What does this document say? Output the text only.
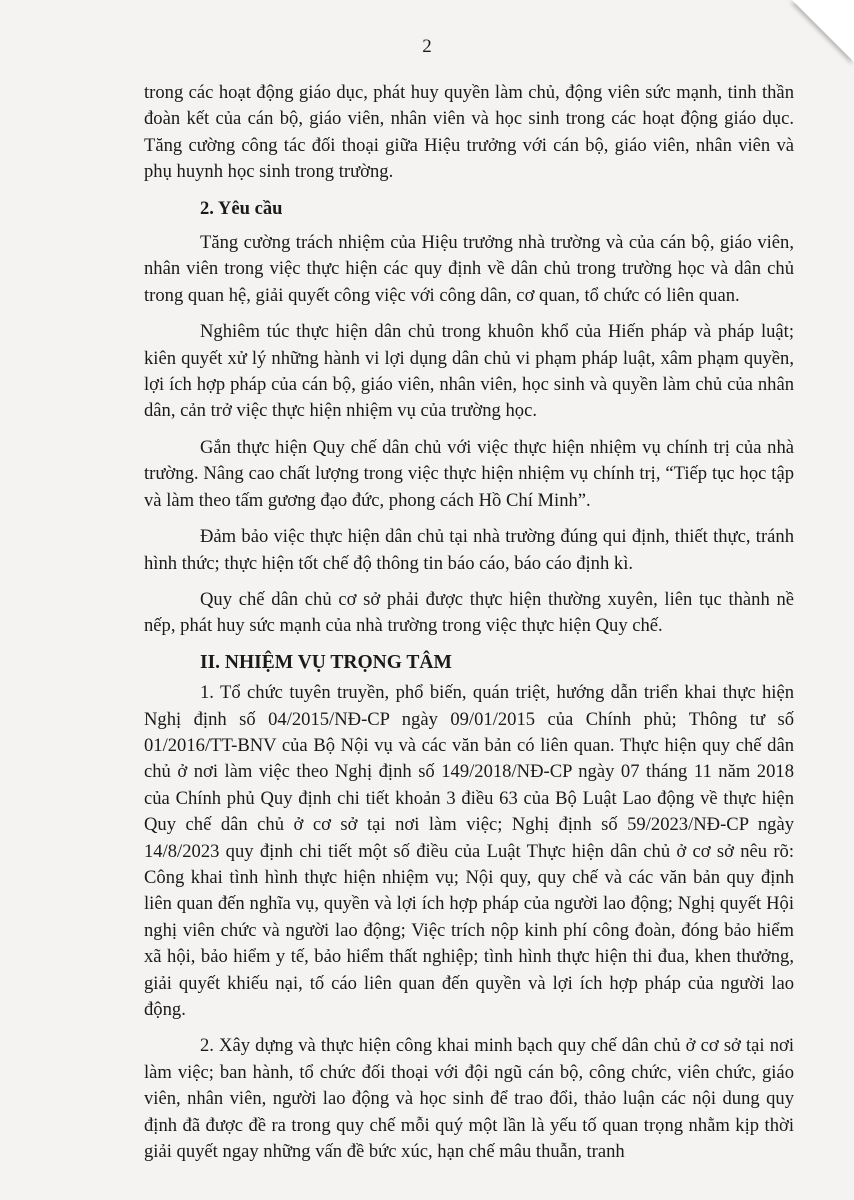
2

trong các hoạt động giáo dục, phát huy quyền làm chủ, động viên sức mạnh, tinh thần đoàn kết của cán bộ, giáo viên, nhân viên và học sinh trong các hoạt động giáo dục. Tăng cường công tác đối thoại giữa Hiệu trưởng với cán bộ, giáo viên, nhân viên và phụ huynh học sinh trong trường.

2. Yêu cầu

Tăng cường trách nhiệm của Hiệu trưởng nhà trường và của cán bộ, giáo viên, nhân viên trong việc thực hiện các quy định về dân chủ trong trường học và dân chủ trong quan hệ, giải quyết công việc với công dân, cơ quan, tổ chức có liên quan.

Nghiêm túc thực hiện dân chủ trong khuôn khổ của Hiến pháp và pháp luật; kiên quyết xử lý những hành vi lợi dụng dân chủ vi phạm pháp luật, xâm phạm quyền, lợi ích hợp pháp của cán bộ, giáo viên, nhân viên, học sinh và quyền làm chủ của nhân dân, cản trở việc thực hiện nhiệm vụ của trường học.

Gắn thực hiện Quy chế dân chủ với việc thực hiện nhiệm vụ chính trị của nhà trường. Nâng cao chất lượng trong việc thực hiện nhiệm vụ chính trị, “Tiếp tục học tập và làm theo tấm gương đạo đức, phong cách Hồ Chí Minh”.

Đảm bảo việc thực hiện dân chủ tại nhà trường đúng qui định, thiết thực, tránh hình thức; thực hiện tốt chế độ thông tin báo cáo, báo cáo định kì.

Quy chế dân chủ cơ sở phải được thực hiện thường xuyên, liên tục thành nề nếp, phát huy sức mạnh của nhà trường trong việc thực hiện Quy chế.

II. NHIỆM VỤ TRỌNG TÂM

1. Tổ chức tuyên truyền, phổ biến, quán triệt, hướng dẫn triển khai thực hiện Nghị định số 04/2015/NĐ-CP ngày 09/01/2015 của Chính phủ; Thông tư số 01/2016/TT-BNV của Bộ Nội vụ và các văn bản có liên quan. Thực hiện quy chế dân chủ ở nơi làm việc theo Nghị định số 149/2018/NĐ-CP ngày 07 tháng 11 năm 2018 của Chính phủ Quy định chi tiết khoản 3 điều 63 của Bộ Luật Lao động về thực hiện Quy chế dân chủ ở cơ sở tại nơi làm việc; Nghị định số 59/2023/NĐ-CP ngày 14/8/2023 quy định chi tiết một số điều của Luật Thực hiện dân chủ ở cơ sở nêu rõ: Công khai tình hình thực hiện nhiệm vụ; Nội quy, quy chế và các văn bản quy định liên quan đến nghĩa vụ, quyền và lợi ích hợp pháp của người lao động; Nghị quyết Hội nghị viên chức và người lao động; Việc trích nộp kinh phí công đoàn, đóng bảo hiểm xã hội, bảo hiểm y tế, bảo hiểm thất nghiệp; tình hình thực hiện thi đua, khen thưởng, giải quyết khiếu nại, tố cáo liên quan đến quyền và lợi ích hợp pháp của người lao động.

2. Xây dựng và thực hiện công khai minh bạch quy chế dân chủ ở cơ sở tại nơi làm việc; ban hành, tổ chức đối thoại với đội ngũ cán bộ, công chức, viên chức, giáo viên, nhân viên, người lao động và học sinh để trao đổi, thảo luận các nội dung quy định đã được đề ra trong quy chế mỗi quý một lần là yếu tố quan trọng nhằm kịp thời giải quyết ngay những vấn đề bức xúc, hạn chế mâu thuẫn, tranh
